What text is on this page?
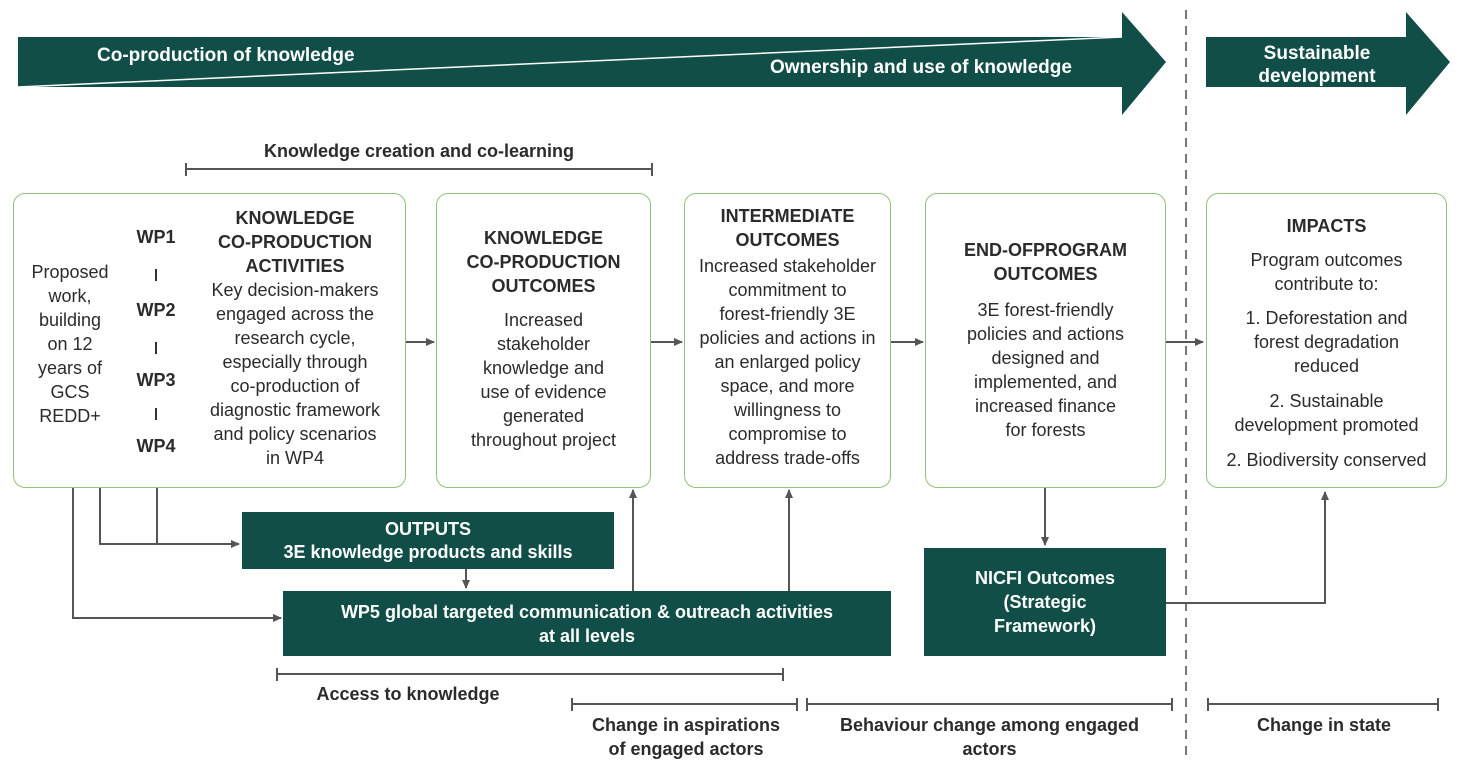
Co-production of knowledge
Ownership and use of knowledge
Sustainable
development
Knowledge creation and co-learning
Proposed
work,
building
on 12
years of
GCS
REDD+
WP1
WP2
WP3
WP4
KNOWLEDGE
CO-PRODUCTION
ACTIVITIES
Key decision-makers
engaged across the
research cycle,
especially through
co-production of
diagnostic framework
and policy scenarios
in WP4
KNOWLEDGE
CO-PRODUCTION
OUTCOMES
Increased
stakeholder
knowledge and
use of evidence
generated
throughout project
INTERMEDIATE
OUTCOMES
Increased stakeholder
commitment to
forest-friendly 3E
policies and actions in
an enlarged policy
space, and more
willingness to
compromise to
address trade-offs
END-OFPROGRAM
OUTCOMES
3E forest-friendly
policies and actions
designed and
implemented, and
increased finance
for forests
IMPACTS
Program outcomes
contribute to:
1. Deforestation and
forest degradation
reduced
2. Sustainable
development promoted
2. Biodiversity conserved
OUTPUTS
3E knowledge products and skills
WP5 global targeted communication & outreach activities
at all levels
NICFI Outcomes
(Strategic
Framework)
Access to knowledge
Change in aspirations
of engaged actors
Behaviour change among engaged
actors
Change in state
